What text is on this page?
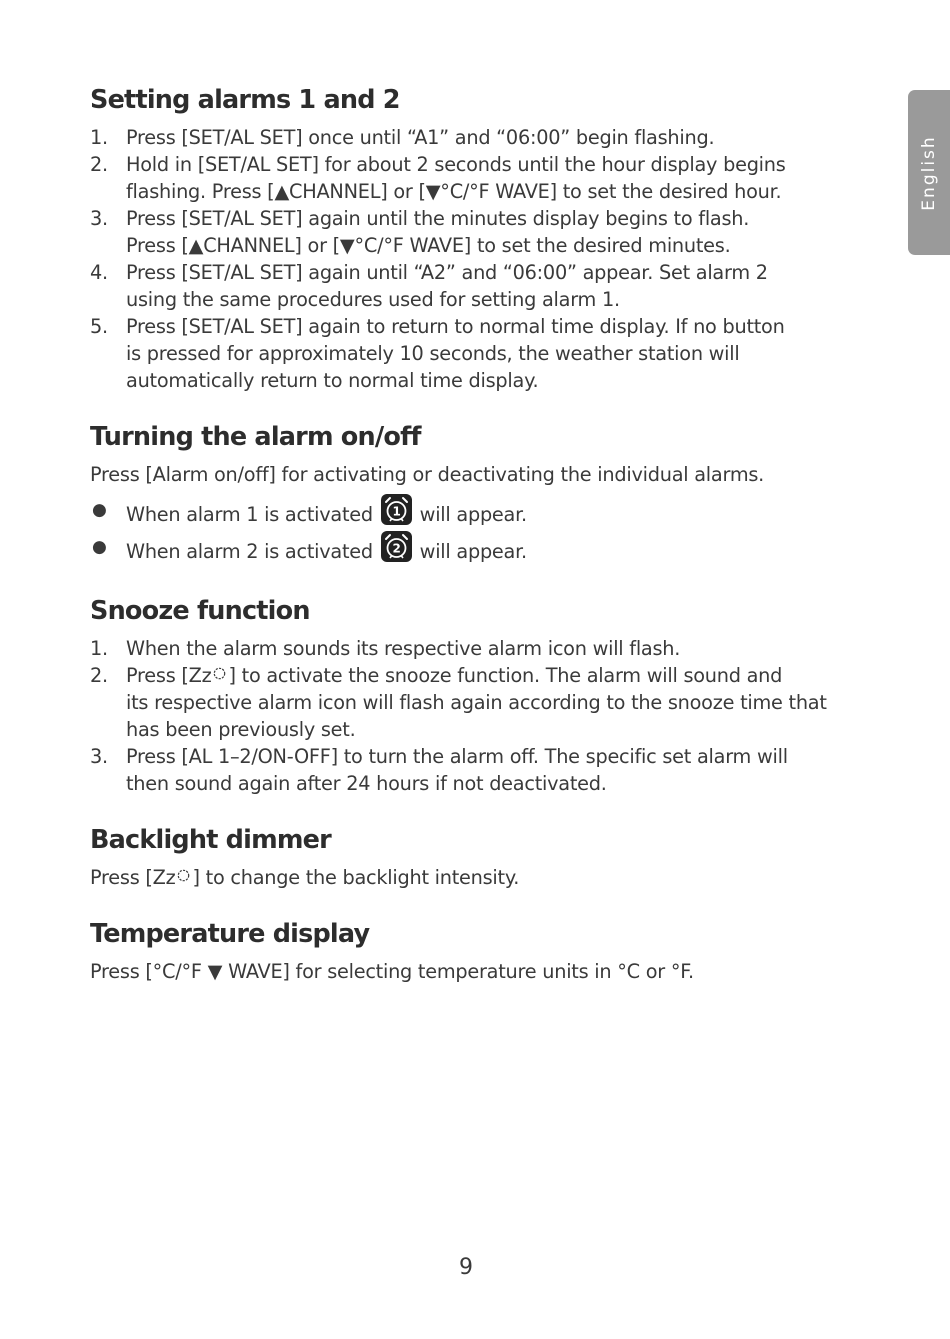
English
Setting alarms 1 and 2
1. Press [SET/AL SET] once until “A1” and “06:00” begin flashing.
2. Hold in [SET/AL SET] for about 2 seconds until the hour display begins
flashing. Press [▲CHANNEL] or [▼°C/°F WAVE] to set the desired hour.
3. Press [SET/AL SET] again until the minutes display begins to flash.
Press [▲CHANNEL] or [▼°C/°F WAVE] to set the desired minutes.
4. Press [SET/AL SET] again until “A2” and “06:00” appear. Set alarm 2
using the same procedures used for setting alarm 1.
5. Press [SET/AL SET] again to return to normal time display. If no button
is pressed for approximately 10 seconds, the weather station will
automatically return to normal time display.
Turning the alarm on/off

Press [Alarm on/off] for activating or deactivating the individual alarms.

● When alarm 1 is activated 1 will appear.
● When alarm 2 is activated 2 will appear.
Snooze function
1. When the alarm sounds its respective alarm icon will flash.
2. Press [Zz ] to activate the snooze function. The alarm will sound and
its respective alarm icon will flash again according to the snooze time that
has been previously set.
3. Press [AL 1–2/ON-OFF] to turn the alarm off. The specific set alarm will
then sound again after 24 hours if not deactivated.
Backlight dimmer

Press [Zz ] to change the backlight intensity.

Temperature display

Press [°C/°F ▼ WAVE] for selecting temperature units in °C or °F.

9
